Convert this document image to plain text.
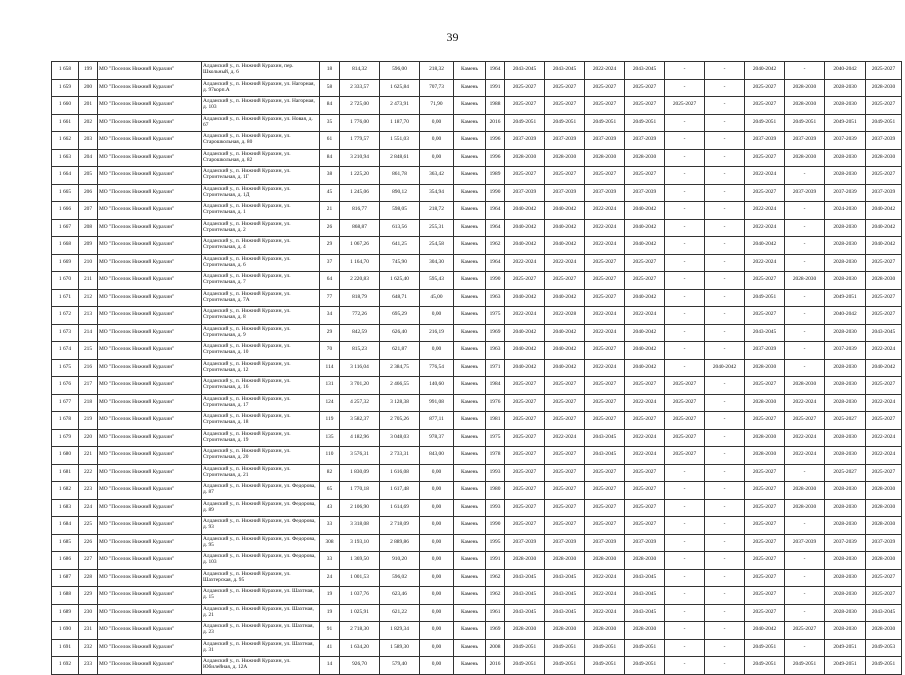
39
1 658	199	МО "Поселок Нижний Курахин"	Алданский у., п. Нижний Курахин, пер. Школьный, д. 6	18	814,32	596,00	218,32	Камень	1964	2043-2045	2043-2045	2022-2024	2043-2045	-	-	2040-2042	-	2040-2042	2025-2027
1 659	200	МО "Поселок Нижний Курахин"	Алданский у., п. Нижний Курахин, ул. Нагорная, д. 97корп.А	58	2 333,57	1 625,84	707,73	Камень	1991	2025-2027	2025-2027	2025-2027	2025-2027	-	-	2025-2027	2028-2030	2028-2030	2028-2030
1 660	201	МО "Поселок Нижний Курахин"	Алданский у., п. Нижний Курахин, ул. Нагорная, д. 103	84	2 725,00	2 473,91	71,90	Камень	1988	2025-2027	2025-2027	2025-2027	2025-2027	2025-2027	-	2025-2027	2028-2030	2028-2030	2025-2027
1 661	202	МО "Поселок Нижний Курахин"	Алданский у., п. Нижний Курахин, ул. Новая, д. 67	35	1 776,00	1 187,70	0,00	Камень	2016	2049-2051	2049-2051	2049-2051	2049-2051	-	-	2049-2051	2049-2051	2049-2051	2049-2051
1 662	203	МО "Поселок Нижний Курахин"	Алданский у., п. Нижний Курахин, ул. Старошкольная, д. 80	61	1 779,57	1 551,03	0,00	Камень	1996	2037-2039	2037-2039	2037-2039	2037-2039	-	-	2037-2039	2037-2039	2037-2039	2037-2039
1 663	204	МО "Поселок Нижний Курахин"	Алданский у., п. Нижний Курахин, ул. Старошкольная, д. 82	84	3 210,94	2 848,61	0,00	Камень	1996	2028-2030	2028-2030	2028-2030	2028-2030	-	-	2025-2027	2028-2030	2028-2030	2028-2030
1 664	205	МО "Поселок Нижний Курахин"	Алданский у., п. Нижний Курахин, ул. Строительная, д. 1Г	38	1 225,20	861,78	363,42	Камень	1989	2025-2027	2025-2027	2025-2027	2025-2027	-	-	2022-2024	-	2028-2030	2025-2027
1 665	206	МО "Поселок Нижний Курахин"	Алданский у., п. Нижний Курахин, ул. Строительная, д. 1Д	45	1 245,06	890,12	354,94	Камень	1990	2037-2039	2037-2039	2037-2039	2037-2039	-	-	2025-2027	2037-2039	2037-2039	2037-2039
1 666	207	МО "Поселок Нижний Курахин"	Алданский у., п. Нижний Курахин, ул. Строительная, д. 1	21	816,77	598,05	218,72	Камень	1964	2040-2042	2040-2042	2022-2024	2040-2042	-	-	2022-2024	-	2024-2030	2040-2042
1 667	208	МО "Поселок Нижний Курахин"	Алданский у., п. Нижний Курахин, ул. Строительная, д. 2	26	868,87	613,56	255,31	Камень	1964	2040-2042	2040-2042	2022-2024	2040-2042	-	-	2022-2024	-	2028-2030	2040-2042
1 668	209	МО "Поселок Нижний Курахин"	Алданский у., п. Нижний Курахин, ул. Строительная, д. 4	29	1 067,26	641,25	254,58	Камень	1962	2040-2042	2040-2042	2022-2024	2040-2042	-	-	2040-2042	-	2028-2030	2040-2042
1 669	210	МО "Поселок Нижний Курахин"	Алданский у., п. Нижний Курахин, ул. Строительная, д. 6	37	1 164,70	745,90	304,30	Камень	1964	2022-2024	2022-2024	2025-2027	2025-2027	-	-	2022-2024	-	2028-2030	2025-2027
1 670	211	МО "Поселок Нижний Курахин"	Алданский у., п. Нижний Курахин, ул. Строительная, д. 7	64	2 220,83	1 625,40	595,43	Камень	1990	2025-2027	2025-2027	2025-2027	2025-2027	-	-	2025-2027	2028-2030	2028-2030	2028-2030
1 671	212	МО "Поселок Нижний Курахин"	Алданский у., п. Нижний Курахин, ул. Строительная, д. 7А	77	818,79	648,71	45,00	Камень	1963	2040-2042	2040-2042	2025-2027	2040-2042	-	-	2049-2051	-	2049-2051	2025-2027
1 672	213	МО "Поселок Нижний Курахин"	Алданский у., п. Нижний Курахин, ул. Строительная, д. 8	34	772,26	695,29	0,00	Камень	1975	2022-2024	2022-2028	2022-2024	2022-2024	-	-	2025-2027	-	2040-2042	2025-2027
1 673	214	МО "Поселок Нижний Курахин"	Алданский у., п. Нижний Курахин, ул. Строительная, д. 9	29	842,59	626,40	216,19	Камень	1969	2040-2042	2040-2042	2022-2024	2040-2042	-	-	2043-2045	-	2028-2030	2043-2045
1 674	215	МО "Поселок Нижний Курахин"	Алданский у., п. Нижний Курахин, ул. Строительная, д. 10	70	815,23	621,87	0,00	Камень	1963	2040-2042	2040-2042	2025-2027	2040-2042	-	-	2037-2039	-	2037-2039	2022-2024
1 675	216	МО "Поселок Нижний Курахин"	Алданский у., п. Нижний Курахин, ул. Строительная, д. 12	114	3 116,04	2 384,75	776,54	Камень	1971	2040-2042	2040-2042	2022-2024	2040-2042	-	2040-2042	2028-2030	-	2028-2030	2040-2042
1 676	217	МО "Поселок Нижний Курахин"	Алданский у., п. Нижний Курахин, ул. Строительная, д. 16	131	3 701,20	2 466,55	140,60	Камень	1984	2025-2027	2025-2027	2025-2027	2025-2027	2025-2027	-	2025-2027	2028-2030	2028-2030	2025-2027
1 677	218	МО "Поселок Нижний Курахин"	Алданский у., п. Нижний Курахин, ул. Строительная, д. 17	124	4 257,32	3 128,38	991,08	Камень	1976	2025-2027	2025-2027	2025-2027	2022-2024	2025-2027	-	2028-2030	2022-2024	2028-2030	2022-2024
1 678	219	МО "Поселок Нижний Курахин"	Алданский у., п. Нижний Курахин, ул. Строительная, д. 18	119	3 582,37	2 705,26	877,11	Камень	1981	2025-2027	2025-2027	2025-2027	2025-2027	2025-2027	-	2025-2027	2025-2027	2025-2027	2025-2027
1 679	220	МО "Поселок Нижний Курахин"	Алданский у., п. Нижний Курахин, ул. Строительная, д. 19	135	4 182,96	3 048,03	978,37	Камень	1975	2025-2027	2022-2024	2043-2045	2022-2024	2025-2027	-	2028-2030	2022-2024	2028-2030	2022-2024
1 680	221	МО "Поселок Нижний Курахин"	Алданский у., п. Нижний Курахин, ул. Строительная, д. 20	110	3 576,31	2 733,31	843,00	Камень	1978	2025-2027	2025-2027	2043-2045	2022-2024	2025-2027	-	2028-2030	2022-2024	2028-2030	2022-2024
1 681	222	МО "Поселок Нижний Курахин"	Алданский у., п. Нижний Курахин, ул. Строительная, д. 21	82	1 830,09	1 616,08	0,00	Камень	1993	2025-2027	2025-2027	2025-2027	2025-2027	-	-	2025-2027	-	2025-2027	2025-2027
1 682	223	МО "Поселок Нижний Курахин"	Алданский у., п. Нижний Курахин, ул. Федорова, д. 87	65	1 770,18	1 617,48	0,00	Камень	1980	2025-2027	2025-2027	2025-2027	2025-2027	-	-	2025-2027	2028-2030	2028-2030	2028-2030
1 683	224	МО "Поселок Нижний Курахин"	Алданский у., п. Нижний Курахин, ул. Федорова, д. 89	43	2 106,90	1 614,69	0,00	Камень	1993	2025-2027	2025-2027	2025-2027	2025-2027	-	-	2025-2027	2028-2030	2028-2030	2028-2030
1 684	225	МО "Поселок Нижний Курахин"	Алданский у., п. Нижний Курахин, ул. Федорова, д. 93	33	3 318,08	2 718,09	0,00	Камень	1990	2025-2027	2025-2027	2025-2027	2025-2027	-	-	2025-2027	-	2028-2030	2028-2030
1 685	226	МО "Поселок Нижний Курахин"	Алданский у., п. Нижний Курахин, ул. Федорова, д. 95	308	3 193,10	2 889,86	0,00	Камень	1995	2037-2039	2037-2039	2037-2039	2037-2039	-	-	2025-2027	2037-2039	2037-2039	2037-2039
1 686	227	МО "Поселок Нижний Курахин"	Алданский у., п. Нижний Курахин, ул. Федорова, д. 103	33	1 369,50	910,20	0,00	Камень	1991	2028-2030	2028-2030	2028-2030	2028-2030	-	-	2025-2027	-	2028-2030	2028-2030
1 687	228	МО "Поселок Нижний Курахин"	Алданский у., п. Нижний Курахин, ул. Шахтерская, д. 95	24	1 001,53	596,02	0,00	Камень	1962	2043-2045	2043-2045	2022-2024	2043-2045	-	-	2025-2027	-	2028-2030	2025-2027
1 688	229	МО "Поселок Нижний Курахин"	Алданский у., п. Нижний Курахин, ул. Шахтная, д. 15	19	1 037,76	623,46	0,00	Камень	1962	2043-2045	2043-2045	2022-2024	2043-2045	-	-	2025-2027	-	2028-2030	2025-2027
1 689	230	МО "Поселок Нижний Курахин"	Алданский у., п. Нижний Курахин, ул. Шахтная, д. 21	19	1 025,91	621,22	0,00	Камень	1961	2043-2045	2043-2045	2022-2024	2043-2045	-	-	2025-2027	-	2028-2030	2043-2045
1 690	231	МО "Поселок Нижний Курахин"	Алданский у., п. Нижний Курахин, ул. Шахтная, д. 23	91	2 718,30	1 829,34	0,00	Камень	1969	2028-2030	2028-2030	2028-2030	2028-2030	-	-	2040-2042	2025-2027	2028-2030	2028-2030
1 691	232	МО "Поселок Нижний Курахин"	Алданский у., п. Нижний Курахин, ул. Шахтная, д. 31	41	1 634,20	1 589,30	0,00	Камень	2008	2049-2051	2049-2051	2049-2051	2049-2051	-	-	2049-2051	-	2049-2051	2049-2053
1 692	233	МО "Поселок Нижний Курахин"	Алданский у., п. Нижний Курахин, ул. Юбилейная, д. 12А	14	926,70	579,40	0,00	Камень	2016	2049-2051	2049-2051	2049-2051	2049-2051	-	-	2049-2051	2049-2051	2049-2051	2049-2051
